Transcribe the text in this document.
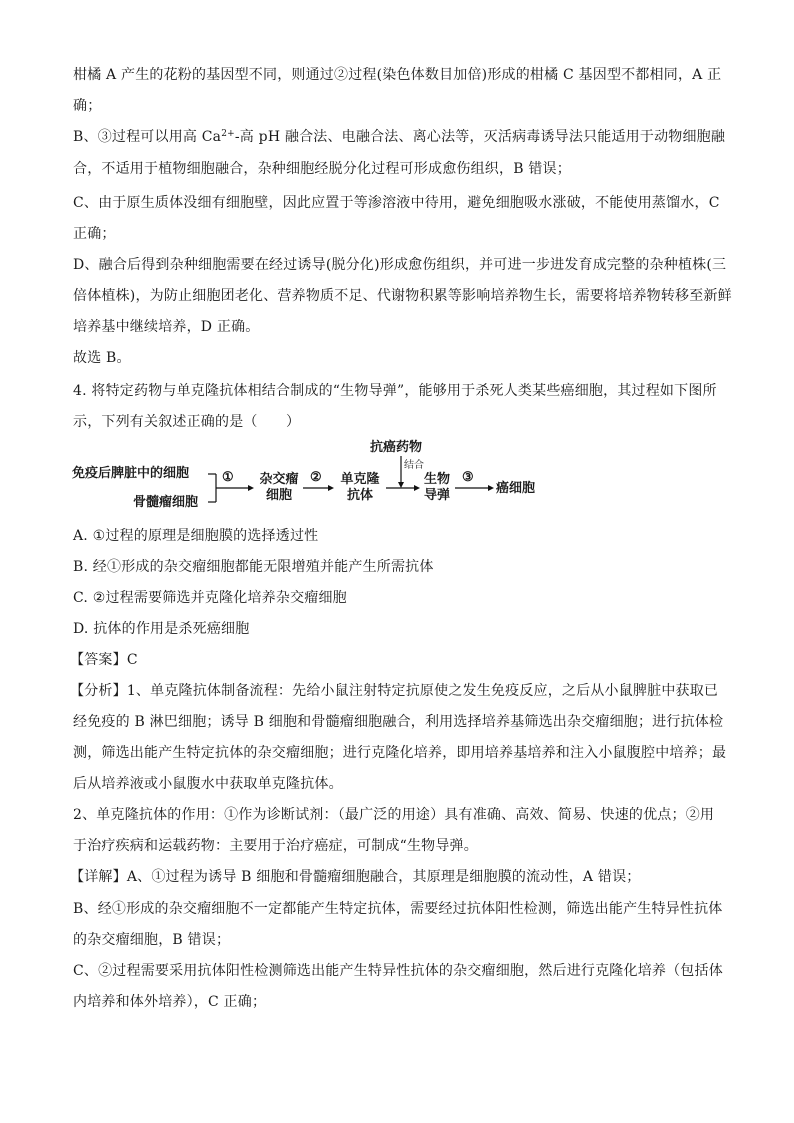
柑橘 A 产生的花粉的基因型不同，则通过②过程(染色体数目加倍)形成的柑橘 C 基因型不都相同，A 正
确；
B、③过程可以用高 $Ca^{2+}-$高 pH 融合法、电融合法、离心法等，灭活病毒诱导法只能适用于动物细胞融
合，不适用于植物细胞融合，杂种细胞经脱分化过程可形成愈伤组织，B 错误；
C、由于原生质体没细有细胞壁，因此应置于等渗溶液中待用，避免细胞吸水涨破，不能使用蒸馏水，C
正确；
D、融合后得到杂种细胞需要在经过诱导(脱分化)形成愈伤组织，并可进一步进发育成完整的杂种植株(三
倍体植株)，为防止细胞团老化、营养物质不足、代谢物积累等影响培养物生长，需要将培养物转移至新鲜
培养基中继续培养，D 正确。
故选 B。
4. 将特定药物与单克隆抗体相结合制成的“生物导弹”，能够用于杀死人类某些癌细胞，其过程如下图所
示，下列有关叙述正确的是（　　）
免疫后脾脏中的细胞
骨髓瘤细胞
① 杂交瘤
细胞
②	单克隆
抗体
抗癌药物
结合
生物
导弹
③
癌细胞
A. ①过程的原理是细胞膜的选择透过性
B. 经①形成的杂交瘤细胞都能无限增殖并能产生所需抗体
C. ②过程需要筛选并克隆化培养杂交瘤细胞
D. 抗体的作用是杀死癌细胞
【答案】C
【分析】1、单克隆抗体制备流程：先给小鼠注射特定抗原使之发生免疫反应，之后从小鼠脾脏中获取已
经免疫的 B 淋巴细胞；诱导 B 细胞和骨髓瘤细胞融合，利用选择培养基筛选出杂交瘤细胞；进行抗体检
测，筛选出能产生特定抗体的杂交瘤细胞；进行克隆化培养，即用培养基培养和注入小鼠腹腔中培养；最
后从培养液或小鼠腹水中获取单克隆抗体。
2、单克隆抗体的作用：①作为诊断试剂：（最广泛的用途）具有准确、高效、简易、快速的优点；②用
于治疗疾病和运载药物：主要用于治疗癌症，可制成“生物导弹。
【详解】A、①过程为诱导 B 细胞和骨髓瘤细胞融合，其原理是细胞膜的流动性，A 错误；
B、经①形成的杂交瘤细胞不一定都能产生特定抗体，需要经过抗体阳性检测，筛选出能产生特异性抗体
的杂交瘤细胞，B 错误；
C、②过程需要采用抗体阳性检测筛选出能产生特异性抗体的杂交瘤细胞，然后进行克隆化培养（包括体
内培养和体外培养），C 正确；
